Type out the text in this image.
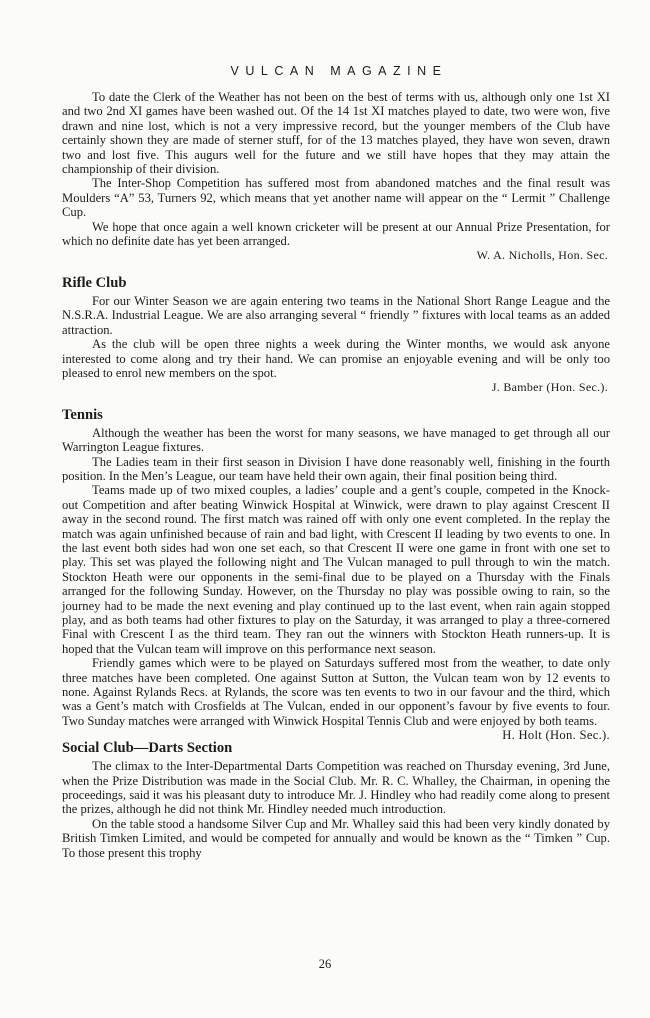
VULCAN MAGAZINE

To date the Clerk of the Weather has not been on the best of terms with us, although only one 1st XI and two 2nd XI games have been washed out. Of the 14 1st XI matches played to date, two were won, five drawn and nine lost, which is not a very impressive record, but the younger members of the Club have certainly shown they are made of sterner stuff, for of the 13 matches played, they have won seven, drawn two and lost five. This augurs well for the future and we still have hopes that they may attain the championship of their division.

The Inter-Shop Competition has suffered most from abandoned matches and the final result was Moulders “A” 53, Turners 92, which means that yet another name will appear on the “ Lermit ” Challenge Cup.

We hope that once again a well known cricketer will be present at our Annual Prize Presentation, for which no definite date has yet been arranged.

W. A. Nicholls, Hon. Sec.
Rifle Club

For our Winter Season we are again entering two teams in the National Short Range League and the N.S.R.A. Industrial League. We are also arranging several “ friendly ” fixtures with local teams as an added attraction.

As the club will be open three nights a week during the Winter months, we would ask anyone interested to come along and try their hand. We can promise an enjoyable evening and will be only too pleased to enrol new members on the spot.

J. Bamber (Hon. Sec.).
Tennis

Although the weather has been the worst for many seasons, we have managed to get through all our Warrington League fixtures.

The Ladies team in their first season in Division I have done reasonably well, finishing in the fourth position. In the Men’s League, our team have held their own again, their final position being third.

Teams made up of two mixed couples, a ladies’ couple and a gent’s couple, competed in the Knock-out Competition and after beating Winwick Hospital at Winwick, were drawn to play against Crescent II away in the second round. The first match was rained off with only one event completed. In the replay the match was again unfinished because of rain and bad light, with Crescent II leading by two events to one. In the last event both sides had won one set each, so that Crescent II were one game in front with one set to play. This set was played the following night and The Vulcan managed to pull through to win the match. Stockton Heath were our opponents in the semi-final due to be played on a Thursday with the Finals arranged for the following Sunday. However, on the Thursday no play was possible owing to rain, so the journey had to be made the next evening and play continued up to the last event, when rain again stopped play, and as both teams had other fixtures to play on the Saturday, it was arranged to play a three-cornered Final with Crescent I as the third team. They ran out the winners with Stockton Heath runners-up. It is hoped that the Vulcan team will improve on this performance next season.

Friendly games which were to be played on Saturdays suffered most from the weather, to date only three matches have been completed. One against Sutton at Sutton, the Vulcan team won by 12 events to none. Against Rylands Recs. at Rylands, the score was ten events to two in our favour and the third, which was a Gent’s match with Crosfields at The Vulcan, ended in our opponent’s favour by five events to four. Two Sunday matches were arranged with Winwick Hospital Tennis Club and were enjoyed by both teams.
H. Holt (Hon. Sec.).

Social Club—Darts Section

The climax to the Inter-Departmental Darts Competition was reached on Thursday evening, 3rd June, when the Prize Distribution was made in the Social Club. Mr. R. C. Whalley, the Chairman, in opening the proceedings, said it was his pleasant duty to introduce Mr. J. Hindley who had readily come along to present the prizes, although he did not think Mr. Hindley needed much introduction.

On the table stood a handsome Silver Cup and Mr. Whalley said this had been very kindly donated by British Timken Limited, and would be competed for annually and would be known as the “ Timken ” Cup. To those present this trophy

26
